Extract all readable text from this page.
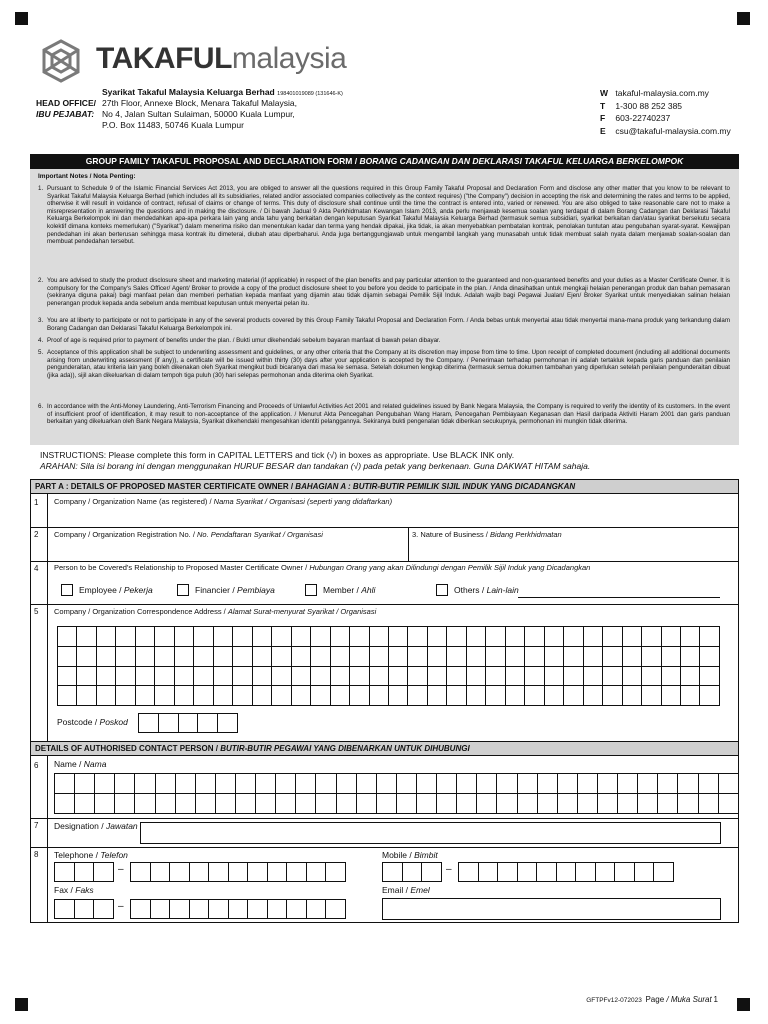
TAKAFULmalaysia
Syarikat Takaful Malaysia Keluarga Berhad 198401019089 (131646-K)
HEAD OFFICE/
IBU PEJABAT:
27th Floor, Annexe Block, Menara Takaful Malaysia,
No 4, Jalan Sultan Sulaiman, 50000 Kuala Lumpur,
P.O. Box 11483, 50746 Kuala Lumpur
W takaful-malaysia.com.my
T 1-300 88 252 385
F 603-22740237
E csu@takaful-malaysia.com.my
GROUP FAMILY TAKAFUL PROPOSAL AND DECLARATION FORM / BORANG CADANGAN DAN DEKLARASI TAKAFUL KELUARGA BERKELOMPOK
Important Notes / Nota Penting:
1. Pursuant to Schedule 9 of the Islamic Financial Services Act 2013, you are obliged to answer all the questions required in this Group Family Takaful Proposal and Declaration Form and disclose any other matter that you know to be relevant to Syarikat Takaful Malaysia Keluarga Berhad (which includes all its subsidiaries, related and/or associated companies collectively as the context requires) ("the Company") decision in accepting the risk and determining the rates and terms to be applied, otherwise it will result in voidance of contract, refusal of claims or change of terms. This duty of disclosure shall continue until the time the contract is entered into, varied or renewed. You are also obliged to take reasonable care not to make a misrepresentation in answering the questions and in making the disclosure. / Di bawah Jadual 9 Akta Perkhidmatan Kewangan Islam 2013, anda perlu menjawab kesemua soalan yang terdapat di dalam Borang Cadangan dan Deklarasi Takaful Keluarga Berkelompok ini dan mendedahkan apa-apa perkara lain yang anda tahu yang berkaitan dengan keputusan Syarikat Takaful Malaysia Keluarga Berhad (termasuk semua subsidiari, syarikat berkaitan dan/atau syarikat bersekutu secara kolektif dimana konteks memerlukan) ("Syarikat") dalam menerima risiko dan menentukan kadar dan terma yang hendak dipakai, jika tidak, ia akan menyebabkan pembatalan kontrak, penolakan tuntutan atau pengubahan syarat-syarat. Kewajipan pendedahan ini akan berterusan sehingga masa kontrak itu dimeterai, diubah atau diperbaharui. Anda juga bertanggungjawab untuk mengambil langkah yang munasabah untuk tidak membuat salah nyata dalam menjawab soalan-soalan dan membuat pendedahan tersebut.
2. You are advised to study the product disclosure sheet and marketing material (if applicable) in respect of the plan benefits and pay particular attention to the guaranteed and non-guaranteed benefits and your duties as a Master Certificate Owner. It is compulsory for the Company's Sales Officer/ Agent/ Broker to provide a copy of the product disclosure sheet to you before you decide to participate in the plan. / Anda dinasihatkan untuk mengkaji helaian penerangan produk dan bahan pemasaran (sekiranya diguna pakai) bagi manfaat pelan dan memberi perhatian kepada manfaat yang dijamin atau tidak dijamin sebagai Pemilik Sijil Induk. Adalah wajib bagi Pegawai Jualan/ Ejen/ Broker Syarikat untuk menyediakan salinan helaian penerangan produk kepada anda sebelum anda membuat keputusan untuk menyertai pelan itu.
3. You are at liberty to participate or not to participate in any of the several products covered by this Group Family Takaful Proposal and Declaration Form. / Anda bebas untuk menyertai atau tidak menyertai mana-mana produk yang terkandung dalam Borang Cadangan dan Deklarasi Takaful Keluarga Berkelompok ini.
4. Proof of age is required prior to payment of benefits under the plan. / Bukti umur dikehendaki sebelum bayaran manfaat di bawah pelan dibayar.
5. Acceptance of this application shall be subject to underwriting assessment and guidelines, or any other criteria that the Company at its discretion may impose from time to time. Upon receipt of completed document (including all additional documents arising from underwriting assessment (if any)), a certificate will be issued within thirty (30) days after your application is accepted by the Company. / Penerimaan terhadap permohonan ini adalah tertakluk kepada garis panduan dan penilaian pengunderaitan, atau kriteria lain yang boleh dikenakan oleh Syarikat mengikut budi bicaranya dari masa ke semasa. Setelah dokumen lengkap diterima (termasuk semua dokumen tambahan yang diperlukan setelah penilaian pengunderaitan dibuat (jika ada)), sijil akan dikeluarkan di dalam tempoh tiga puluh (30) hari selepas permohonan anda diterima oleh Syarikat.
6. In accordance with the Anti-Money Laundering, Anti-Terrorism Financing and Proceeds of Unlawful Activities Act 2001 and related guidelines issued by Bank Negara Malaysia, the Company is required to verify the identity of its customers. In the event of insufficient proof of identification, it may result to non-acceptance of the application. / Menurut Akta Pencegahan Pengubahan Wang Haram, Pencegahan Pembiayaan Keganasan dan Hasil daripada Aktiviti Haram 2001 dan garis panduan berkaitan yang dikeluarkan oleh Bank Negara Malaysia, Syarikat dikehendaki mengesahkan identiti pelanggannya. Sekiranya bukti pengenalan tidak diberikan secukupnya, permohonan ini mungkin tidak diterima.
INSTRUCTIONS: Please complete this form in CAPITAL LETTERS and tick (√) in boxes as appropriate. Use BLACK INK only.
ARAHAN: Sila isi borang ini dengan menggunakan HURUF BESAR dan tandakan (√) pada petak yang berkenaan. Guna DAKWAT HITAM sahaja.
PART A : DETAILS OF PROPOSED MASTER CERTIFICATE OWNER / BAHAGIAN A : BUTIR-BUTIR PEMILIK SIJIL INDUK YANG DICADANGKAN
1 Company / Organization Name (as registered) / Nama Syarikat / Organisasi (seperti yang didaftarkan)
2 Company / Organization Registration No. / No. Pendaftaran Syarikat / Organisasi	3. Nature of Business / Bidang Perkhidmatan
4 Person to be Covered's Relationship to Proposed Master Certificate Owner / Hubungan Orang yang akan Dilindungi dengan Pemilik Sijil Induk yang Dicadangkan
Employee / Pekerja	Financier / Pembiaya	Member / Ahli	Others / Lain-lain
5 Company / Organization Correspondence Address / Alamat Surat-menyurat Syarikat / Organisasi

Postcode / Poskod

DETAILS OF AUTHORISED CONTACT PERSON / BUTIR-BUTIR PEGAWAI YANG DIBENARKAN UNTUK DIHUBUNGI
6 Name / Nama

7 Designation / Jawatan
8 Telephone / Telefon

–

Mobile / Bimbit

–

Fax / Faks

–

Email / Emel
GFTPFv12-072023 Page / Muka Surat 1
